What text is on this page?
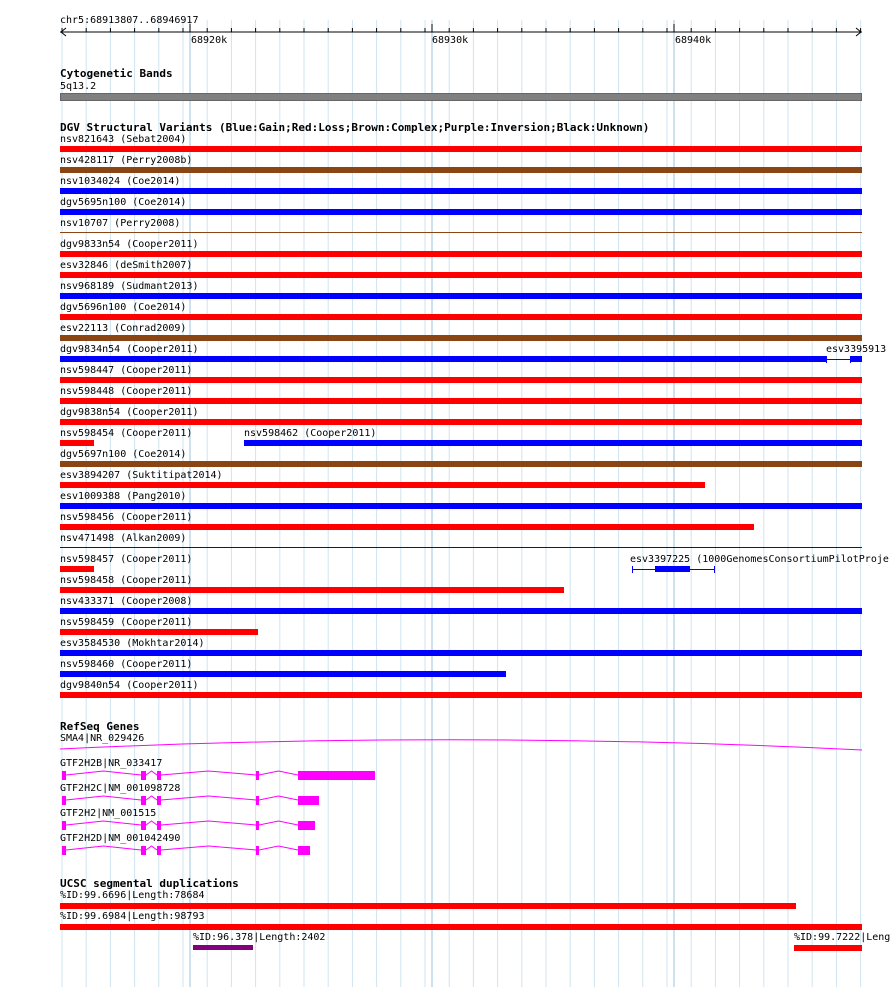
chr5:68913807..68946917
68920k	68930k	68940k
Cytogenetic Bands
5q13.2
DGV Structural Variants (Blue:Gain;Red:Loss;Brown:Complex;Purple:Inversion;Black:Unknown)
nsv821643 (Sebat2004)
nsv428117 (Perry2008b)
nsv1034024 (Coe2014)
dgv5695n100 (Coe2014)
nsv10707 (Perry2008)
dgv9833n54 (Cooper2011)
esv32846 (deSmith2007)
nsv968189 (Sudmant2013)
dgv5696n100 (Coe2014)
esv22113 (Conrad2009)
dgv9834n54 (Cooper2011)	esv3395913
nsv598447 (Cooper2011)
nsv598448 (Cooper2011)
dgv9838n54 (Cooper2011)
nsv598454 (Cooper2011)	nsv598462 (Cooper2011)
dgv5697n100 (Coe2014)
esv3894207 (Suktitipat2014)
esv1009388 (Pang2010)
nsv598456 (Cooper2011)
nsv471498 (Alkan2009)
nsv598457 (Cooper2011)	esv3397225 (1000GenomesConsortiumPilotProje
nsv598458 (Cooper2011)
nsv433371 (Cooper2008)
nsv598459 (Cooper2011)
esv3584530 (Mokhtar2014)
nsv598460 (Cooper2011)
dgv9840n54 (Cooper2011)
RefSeq Genes
SMA4|NR_029426
GTF2H2B|NR_033417
GTF2H2C|NM_001098728
GTF2H2|NM_001515
GTF2H2D|NM_001042490
UCSC segmental duplications
%ID:99.6696|Length:78684
%ID:99.6984|Length:98793
%ID:96.378|Length:2402	%ID:99.7222|Leng
